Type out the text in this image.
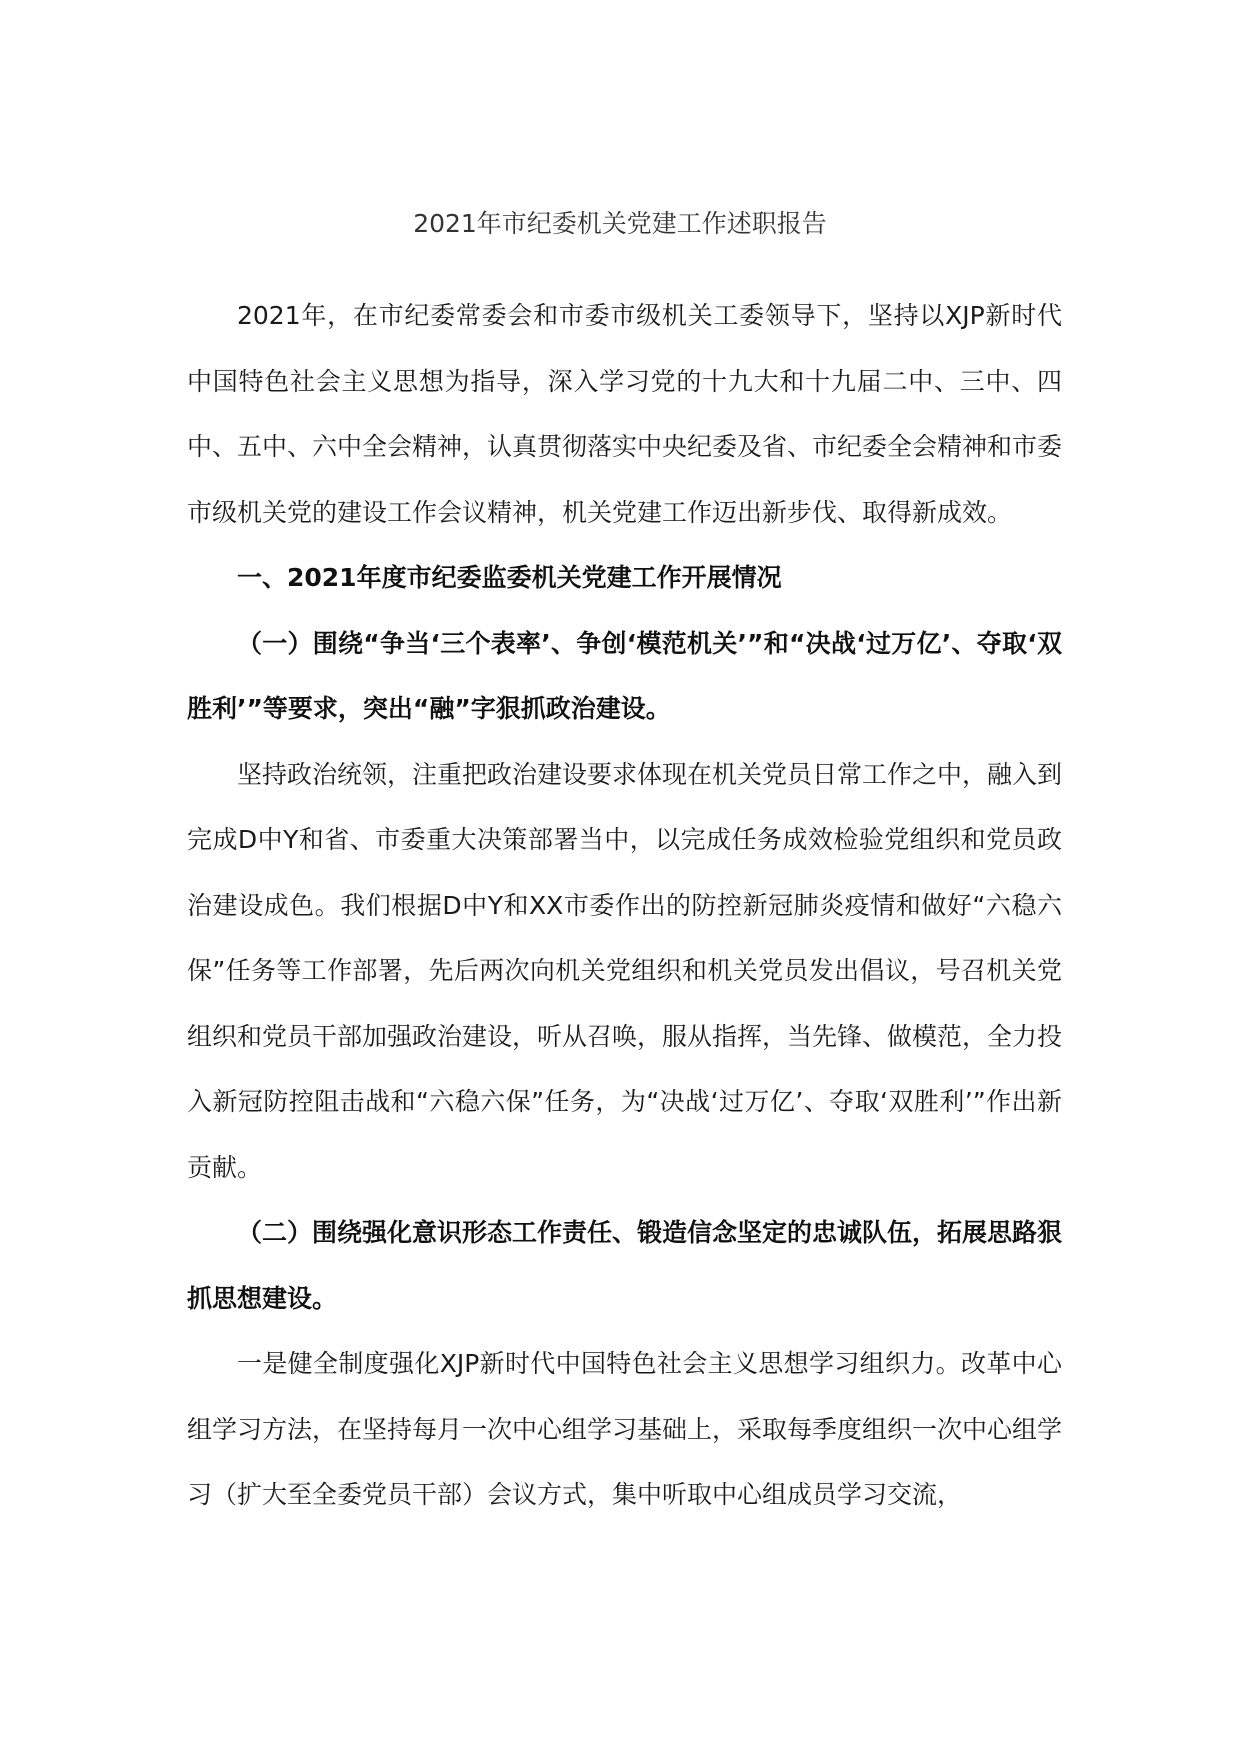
2021年市纪委机关党建工作述职报告

2021年，在市纪委常委会和市委市级机关工委领导下，坚持以XJP新时代中国特色社会主义思想为指导，深入学习党的十九大和十九届二中、三中、四中、五中、六中全会精神，认真贯彻落实中央纪委及省、市纪委全会精神和市委市级机关党的建设工作会议精神，机关党建工作迈出新步伐、取得新成效。

一、2021年度市纪委监委机关党建工作开展情况

（一）围绕“争当‘三个表率’、争创‘模范机关’”和“决战‘过万亿’、夺取‘双胜利’”等要求，突出“融”字狠抓政治建设。

坚持政治统领，注重把政治建设要求体现在机关党员日常工作之中，融入到完成D中Y和省、市委重大决策部署当中，以完成任务成效检验党组织和党员政治建设成色。我们根据D中Y和XX市委作出的防控新冠肺炎疫情和做好“六稳六保”任务等工作部署，先后两次向机关党组织和机关党员发出倡议，号召机关党组织和党员干部加强政治建设，听从召唤，服从指挥，当先锋、做模范，全力投入新冠防控阻击战和“六稳六保”任务，为“决战‘过万亿’、夺取‘双胜利’”作出新贡献。

（二）围绕强化意识形态工作责任、锻造信念坚定的忠诚队伍，拓展思路狠抓思想建设。

一是健全制度强化XJP新时代中国特色社会主义思想学习组织力。改革中心组学习方法，在坚持每月一次中心组学习基础上，采取每季度组织一次中心组学习（扩大至全委党员干部）会议方式，集中听取中心组成员学习交流，
